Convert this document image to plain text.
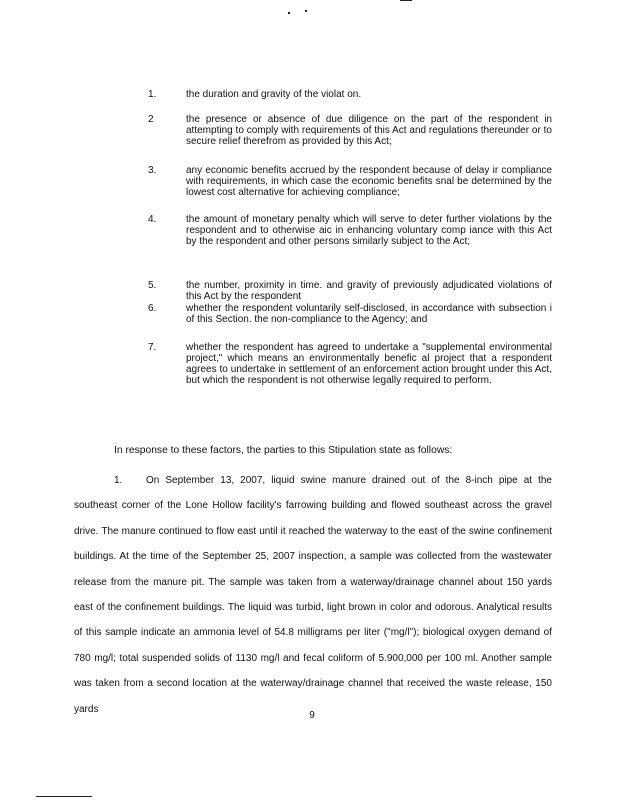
1.	the duration and gravity of the violat on.
2	the presence or absence of due diligence on the part of the respondent in attempting to comply with requirements of this Act and regulations thereunder or to secure relief therefrom as provided by this Act;
3.	any economic benefits accrued by the respondent because of delay ir compliance with requirements, in which case the economic benefits snal be determined by the lowest cost alternative for achieving compliance;
4.	the amount of monetary penalty which will serve to deter further violations by the respondent and to otherwise aic in enhancing voluntary comp iance with this Act by the respondent and other persons similarly subject to the Act;
5.	the number, proximity in time. and gravity of previously adjudicated violations of this Act by the respondent
6.	whether the respondent voluntarily self-disclosed, in accordance with subsection i of this Section. the non-compliance to the Agency; and
7.	whether the respondent has agreed to undertake a "supplemental environmental project," which means an environmentally benefic al project that a respondent agrees to undertake in settlement of an enforcement action brought under this Act, but which the respondent is not otherwise legally required to perform.
In response to these factors, the parties to this Stipulation state as follows:
1. On September 13, 2007, liquid swine manure drained out of the 8-inch pipe at the southeast corner of the Lone Hollow facility's farrowing building and flowed southeast across the gravel drive. The manure continued to flow east until it reached the waterway to the east of the swine confinement buildings. At the time of the September 25, 2007 inspection, a sample was collected from the wastewater release from the manure pit. The sample was taken from a waterway/drainage channel about 150 yards east of the confinement buildings. The liquid was turbid, light brown in color and odorous. Analytical results of this sample indicate an ammonia level of 54.8 milligrams per liter ("mg/l"); biological oxygen demand of 780 mg/l; total suspended solids of 1130 mg/l and fecal coliform of 5.900,000 per 100 ml. Another sample was taken from a second location at the waterway/drainage channel that received the waste release, 150 yards
9
